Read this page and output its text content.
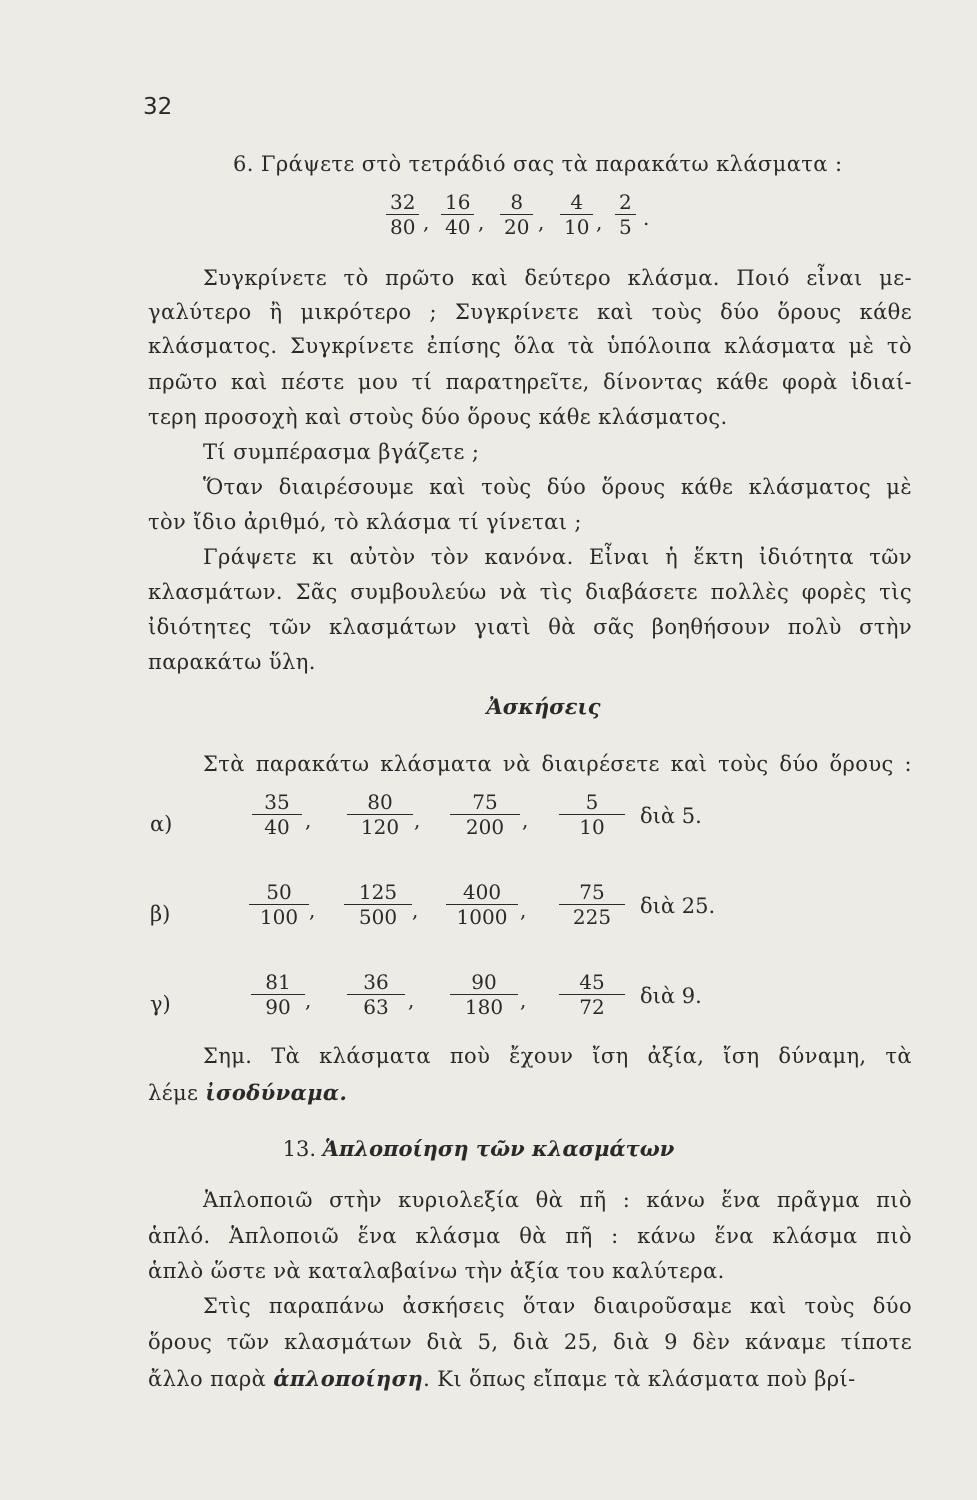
32
6. Γράψετε στὸ τετράδιό σας τὰ παρακάτω κλάσματα :
$\frac{32}{80}$ , $\frac{16}{40}$ , $\frac{8}{20}$ , $\frac{4}{10}$ , $\frac{2}{5}$ .
Συγκρίνετε τὸ πρῶτο καὶ δεύτερο κλάσμα. Ποιό εἶναι με-
γαλύτερο ἢ μικρότερο ; Συγκρίνετε καὶ τοὺς δύο ὅρους κάθε
κλάσματος. Συγκρίνετε ἐπίσης ὅλα τὰ ὑπόλοιπα κλάσματα μὲ τὸ
πρῶτο καὶ πέστε μου τί παρατηρεῖτε, δίνοντας κάθε φορὰ ἰδιαί-
τερη προσοχὴ καὶ στοὺς δύο ὅρους κάθε κλάσματος.
Τί συμπέρασμα βγάζετε ;
Ὅταν διαιρέσουμε καὶ τοὺς δύο ὅρους κάθε κλάσματος μὲ
τὸν ἴδιο ἀριθμό, τὸ κλάσμα τί γίνεται ;
Γράψετε κι αὐτὸν τὸν κανόνα. Εἶναι ἡ ἕκτη ἰδιότητα τῶν
κλασμάτων. Σᾶς συμβουλεύω νὰ τὶς διαβάσετε πολλὲς φορὲς τὶς
ἰδιότητες τῶν κλασμάτων γιατὶ θὰ σᾶς βοηθήσουν πολὺ στὴν
παρακάτω ὕλη.
Ἀσκήσεις
Στὰ παρακάτω κλάσματα νὰ διαιρέσετε καὶ τοὺς δύο ὅρους :
α)	$\frac{35}{40}$ , $\frac{80}{120}$ , $\frac{75}{200}$ , $\frac{5}{10}$ διὰ 5.
β)	$\frac{50}{100}$ , $\frac{125}{500}$ , $\frac{400}{1000}$ , $\frac{75}{225}$ διὰ 25.
γ)	$\frac{81}{90}$ , $\frac{36}{63}$ , $\frac{90}{180}$ , $\frac{45}{72}$ διὰ 9.
Σημ. Τὰ κλάσματα ποὺ ἔχουν ἴση ἀξία, ἴση δύναμη, τὰ
λέμε ἰσοδύναμα.
13. Ἁπλοποίηση τῶν κλασμάτων
Ἁπλοποιῶ στὴν κυριολεξία θὰ πῆ : κάνω ἕνα πρᾶγμα πιὸ
ἁπλό. Ἁπλοποιῶ ἕνα κλάσμα θὰ πῆ : κάνω ἕνα κλάσμα πιὸ
ἁπλὸ ὥστε νὰ καταλαβαίνω τὴν ἀξία του καλύτερα.
Στὶς παραπάνω ἀσκήσεις ὅταν διαιροῦσαμε καὶ τοὺς δύο
ὅρους τῶν κλασμάτων διὰ 5, διὰ 25, διὰ 9 δὲν κάναμε τίποτε
ἄλλο παρὰ ἁπλοποίηση. Κι ὅπως εἴπαμε τὰ κλάσματα ποὺ βρί-
